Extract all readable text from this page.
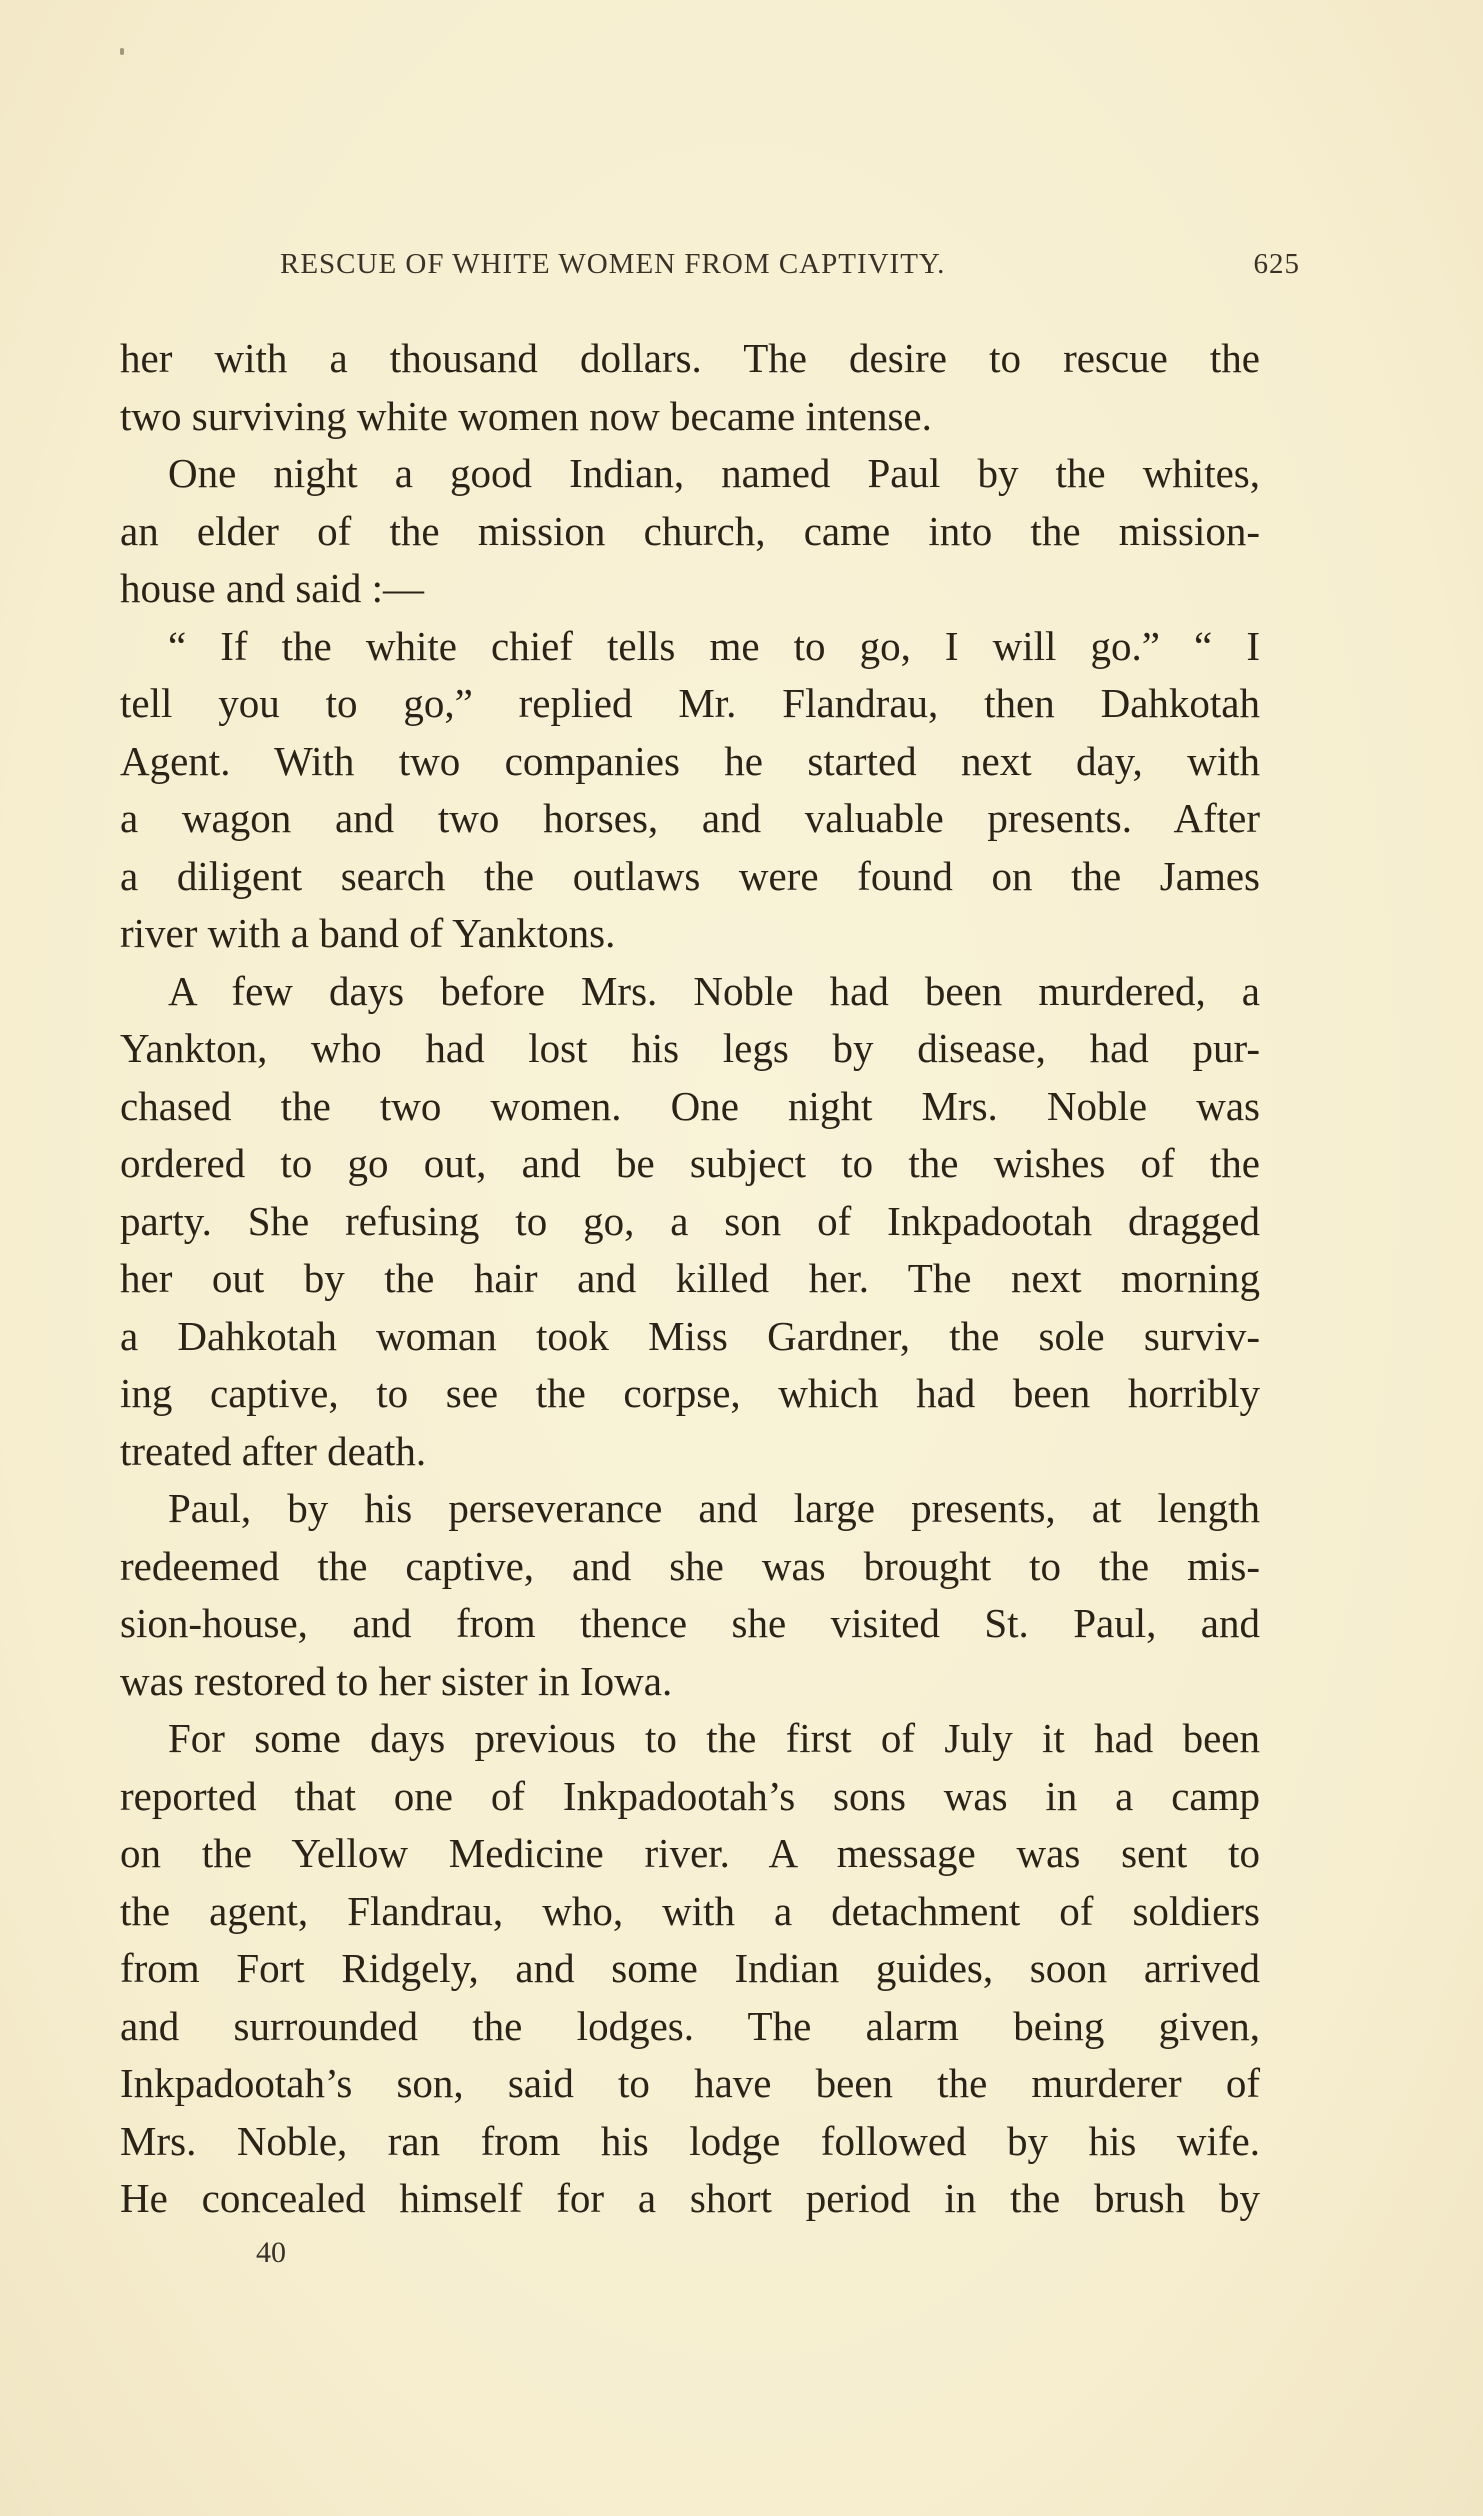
RESCUE OF WHITE WOMEN FROM CAPTIVITY.	625
her with a thousand dollars. The desire to rescue the
two surviving white women now became intense.
One night a good Indian, named Paul by the whites,
an elder of the mission church, came into the mission-
house and said :—
“ If the white chief tells me to go, I will go.” “ I
tell you to go,” replied Mr. Flandrau, then Dahkotah
Agent. With two companies he started next day, with
a wagon and two horses, and valuable presents. After
a diligent search the outlaws were found on the James
river with a band of Yanktons.
A few days before Mrs. Noble had been murdered, a
Yankton, who had lost his legs by disease, had pur-
chased the two women. One night Mrs. Noble was
ordered to go out, and be subject to the wishes of the
party. She refusing to go, a son of Inkpadootah dragged
her out by the hair and killed her. The next morning
a Dahkotah woman took Miss Gardner, the sole surviv-
ing captive, to see the corpse, which had been horribly
treated after death.
Paul, by his perseverance and large presents, at length
redeemed the captive, and she was brought to the mis-
sion-house, and from thence she visited St. Paul, and
was restored to her sister in Iowa.
For some days previous to the first of July it had been
reported that one of Inkpadootah’s sons was in a camp
on the Yellow Medicine river. A message was sent to
the agent, Flandrau, who, with a detachment of soldiers
from Fort Ridgely, and some Indian guides, soon arrived
and surrounded the lodges. The alarm being given,
Inkpadootah’s son, said to have been the murderer of
Mrs. Noble, ran from his lodge followed by his wife.
He concealed himself for a short period in the brush by
40
